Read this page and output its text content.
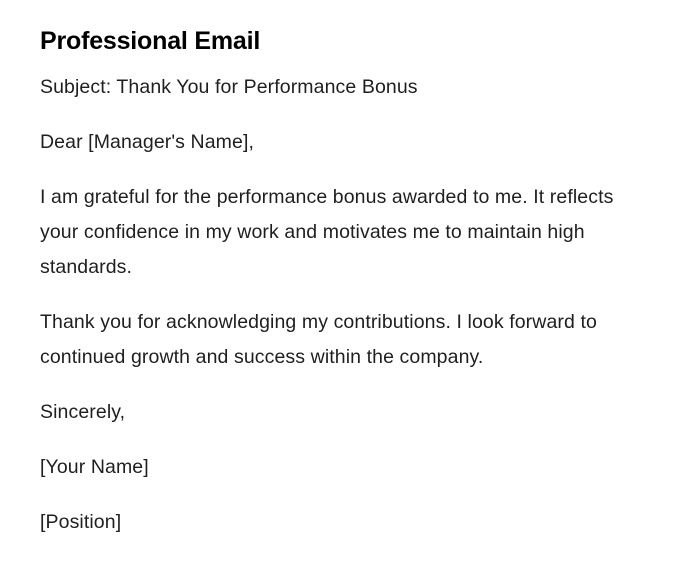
Professional Email

Subject: Thank You for Performance Bonus

Dear [Manager's Name],

I am grateful for the performance bonus awarded to me. It reflects your confidence in my work and motivates me to maintain high standards.

Thank you for acknowledging my contributions. I look forward to continued growth and success within the company.

Sincerely,

[Your Name]

[Position]
